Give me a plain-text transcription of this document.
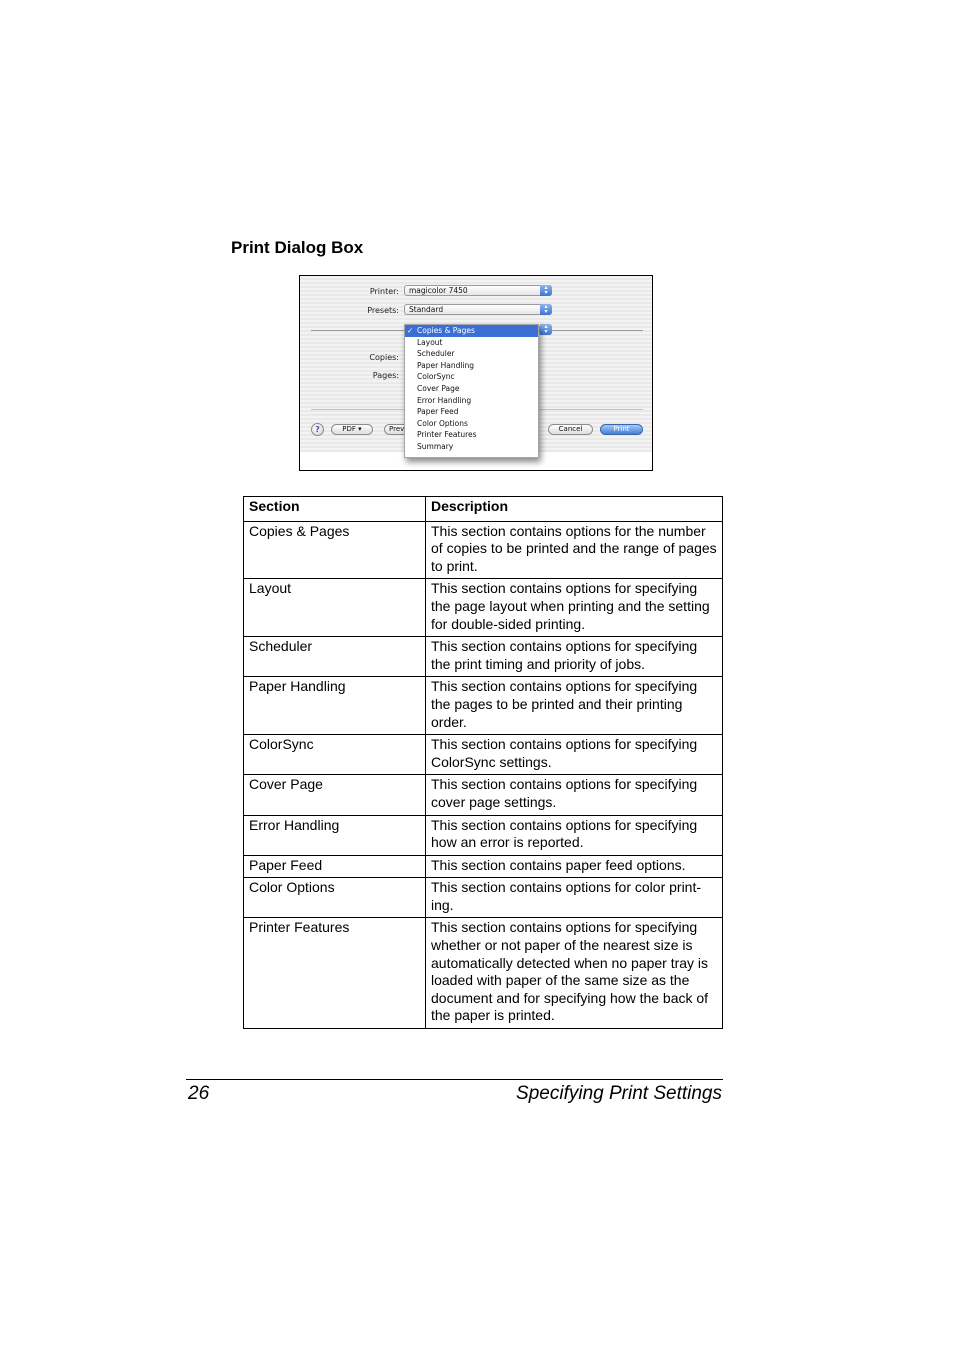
Print Dialog Box
Printer:	magicolor 7450	▴
▾
Presets:	Standard	▴
▾
▴
▾
Copies:
Pages:
?	PDF ▾	Prev	Cancel	Print
✓ Copies & Pages
Layout
Scheduler
Paper Handling
ColorSync
Cover Page
Error Handling
Paper Feed
Color Options
Printer Features
Summary
Section	Description
Copies & Pages	This section contains options for the number of copies to be printed and the range of pages to print.
Layout	This section contains options for specifying the page layout when printing and the setting for double-sided printing.
Scheduler	This section contains options for specifying the print timing and priority of jobs.
Paper Handling	This section contains options for specifying the pages to be printed and their printing order.
ColorSync	This section contains options for specifying ColorSync settings.
Cover Page	This section contains options for specifying cover page settings.
Error Handling	This section contains options for specifying how an error is reported.
Paper Feed	This section contains paper feed options.
Color Options	This section contains options for color print-ing.
Printer Features	This section contains options for specifying whether or not paper of the nearest size is automatically detected when no paper tray is loaded with paper of the same size as the document and for specifying how the back of the paper is printed.
26	Specifying Print Settings
